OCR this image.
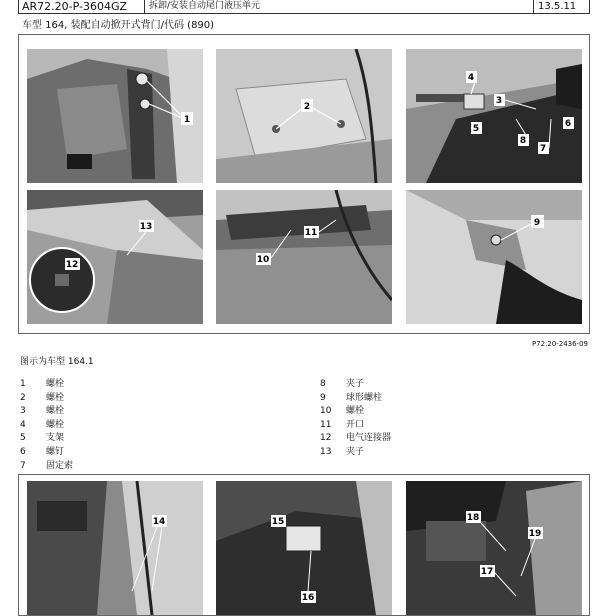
AR72.20-P-3604GZ 拆卸/安装自动尾门液压单元	13.5.11
车型 164, 装配自动掀开式背门/代码 (890)
1
2
4
3
5
8
7
6
13
12
11
10
9
P72.20-2436-09
图示为车型 164.1
1 螺栓
2 螺栓
3 螺栓
4 螺栓
5 支架
6 螺钉
7 固定索
8 夹子
9 球形螺柱
10 螺栓
11 开口
12 电气连接器
13 夹子
14	15
16
18
19
17
